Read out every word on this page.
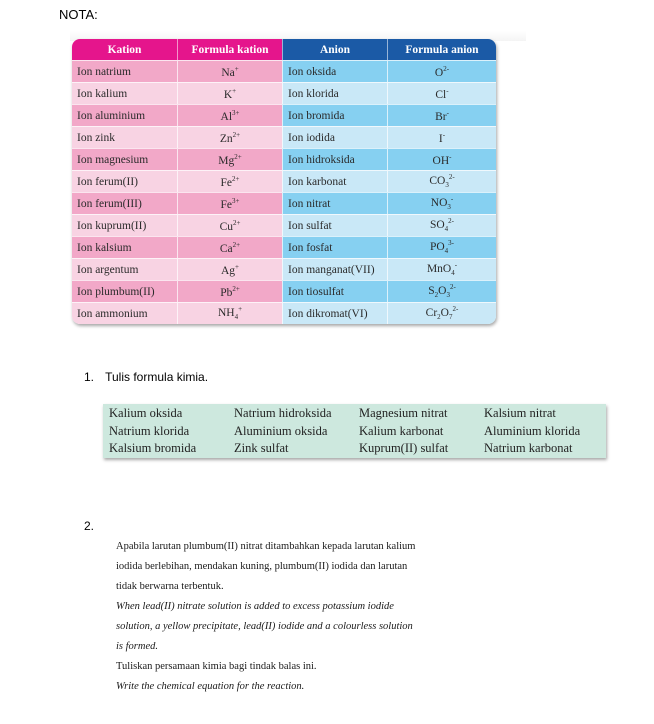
NOTA:
Kation	Formula kation	Anion	Formula anion
Ion natrium	Na+	Ion oksida	$O^{2-}$
Ion kalium	K+	Ion klorida	Cl-
Ion aluminium	$Al^{3+}$	Ion bromida	Br-
Ion zink	$Zn^{2+}$	Ion iodida	I-
Ion magnesium	$Mg^{2+}$	Ion hidroksida	OH-
Ion ferum(II)	$Fe^{2+}$	Ion karbonat	$CO_3^{2-}$
Ion ferum(III)	$Fe^{3+}$	Ion nitrat	$NO_3^-$
Ion kuprum(II)	$Cu^{2+}$	Ion sulfat	$SO_4^{2-}$
Ion kalsium	$Ca^{2+}$	Ion fosfat	$PO_4^{3-}$
Ion argentum	Ag+	Ion manganat(VII)	MnO$_4$-
Ion plumbum(II)	$Pb^{2+}$	Ion tiosulfat	$S_2O_3^{2-}$
Ion ammonium	$NH_4^+$	Ion dikromat(VI)	$Cr_2O_7^{2-}$
1. Tulis formula kimia.
Kalium oksida	Natrium hidroksida	Magnesium nitrat	Kalsium nitrat
Natrium klorida	Aluminium oksida	Kalium karbonat	Aluminium klorida
Kalsium bromida	Zink sulfat	Kuprum(II) sulfat	Natrium karbonat
2.
Apabila larutan plumbum(II) nitrat ditambahkan kepada larutan kalium
iodida berlebihan, mendakan kuning, plumbum(II) iodida dan larutan
tidak berwarna terbentuk.
When lead(II) nitrate solution is added to excess potassium iodide
solution, a yellow precipitate, lead(II) iodide and a colourless solution
is formed.
Tuliskan persamaan kimia bagi tindak balas ini.
Write the chemical equation for the reaction.
